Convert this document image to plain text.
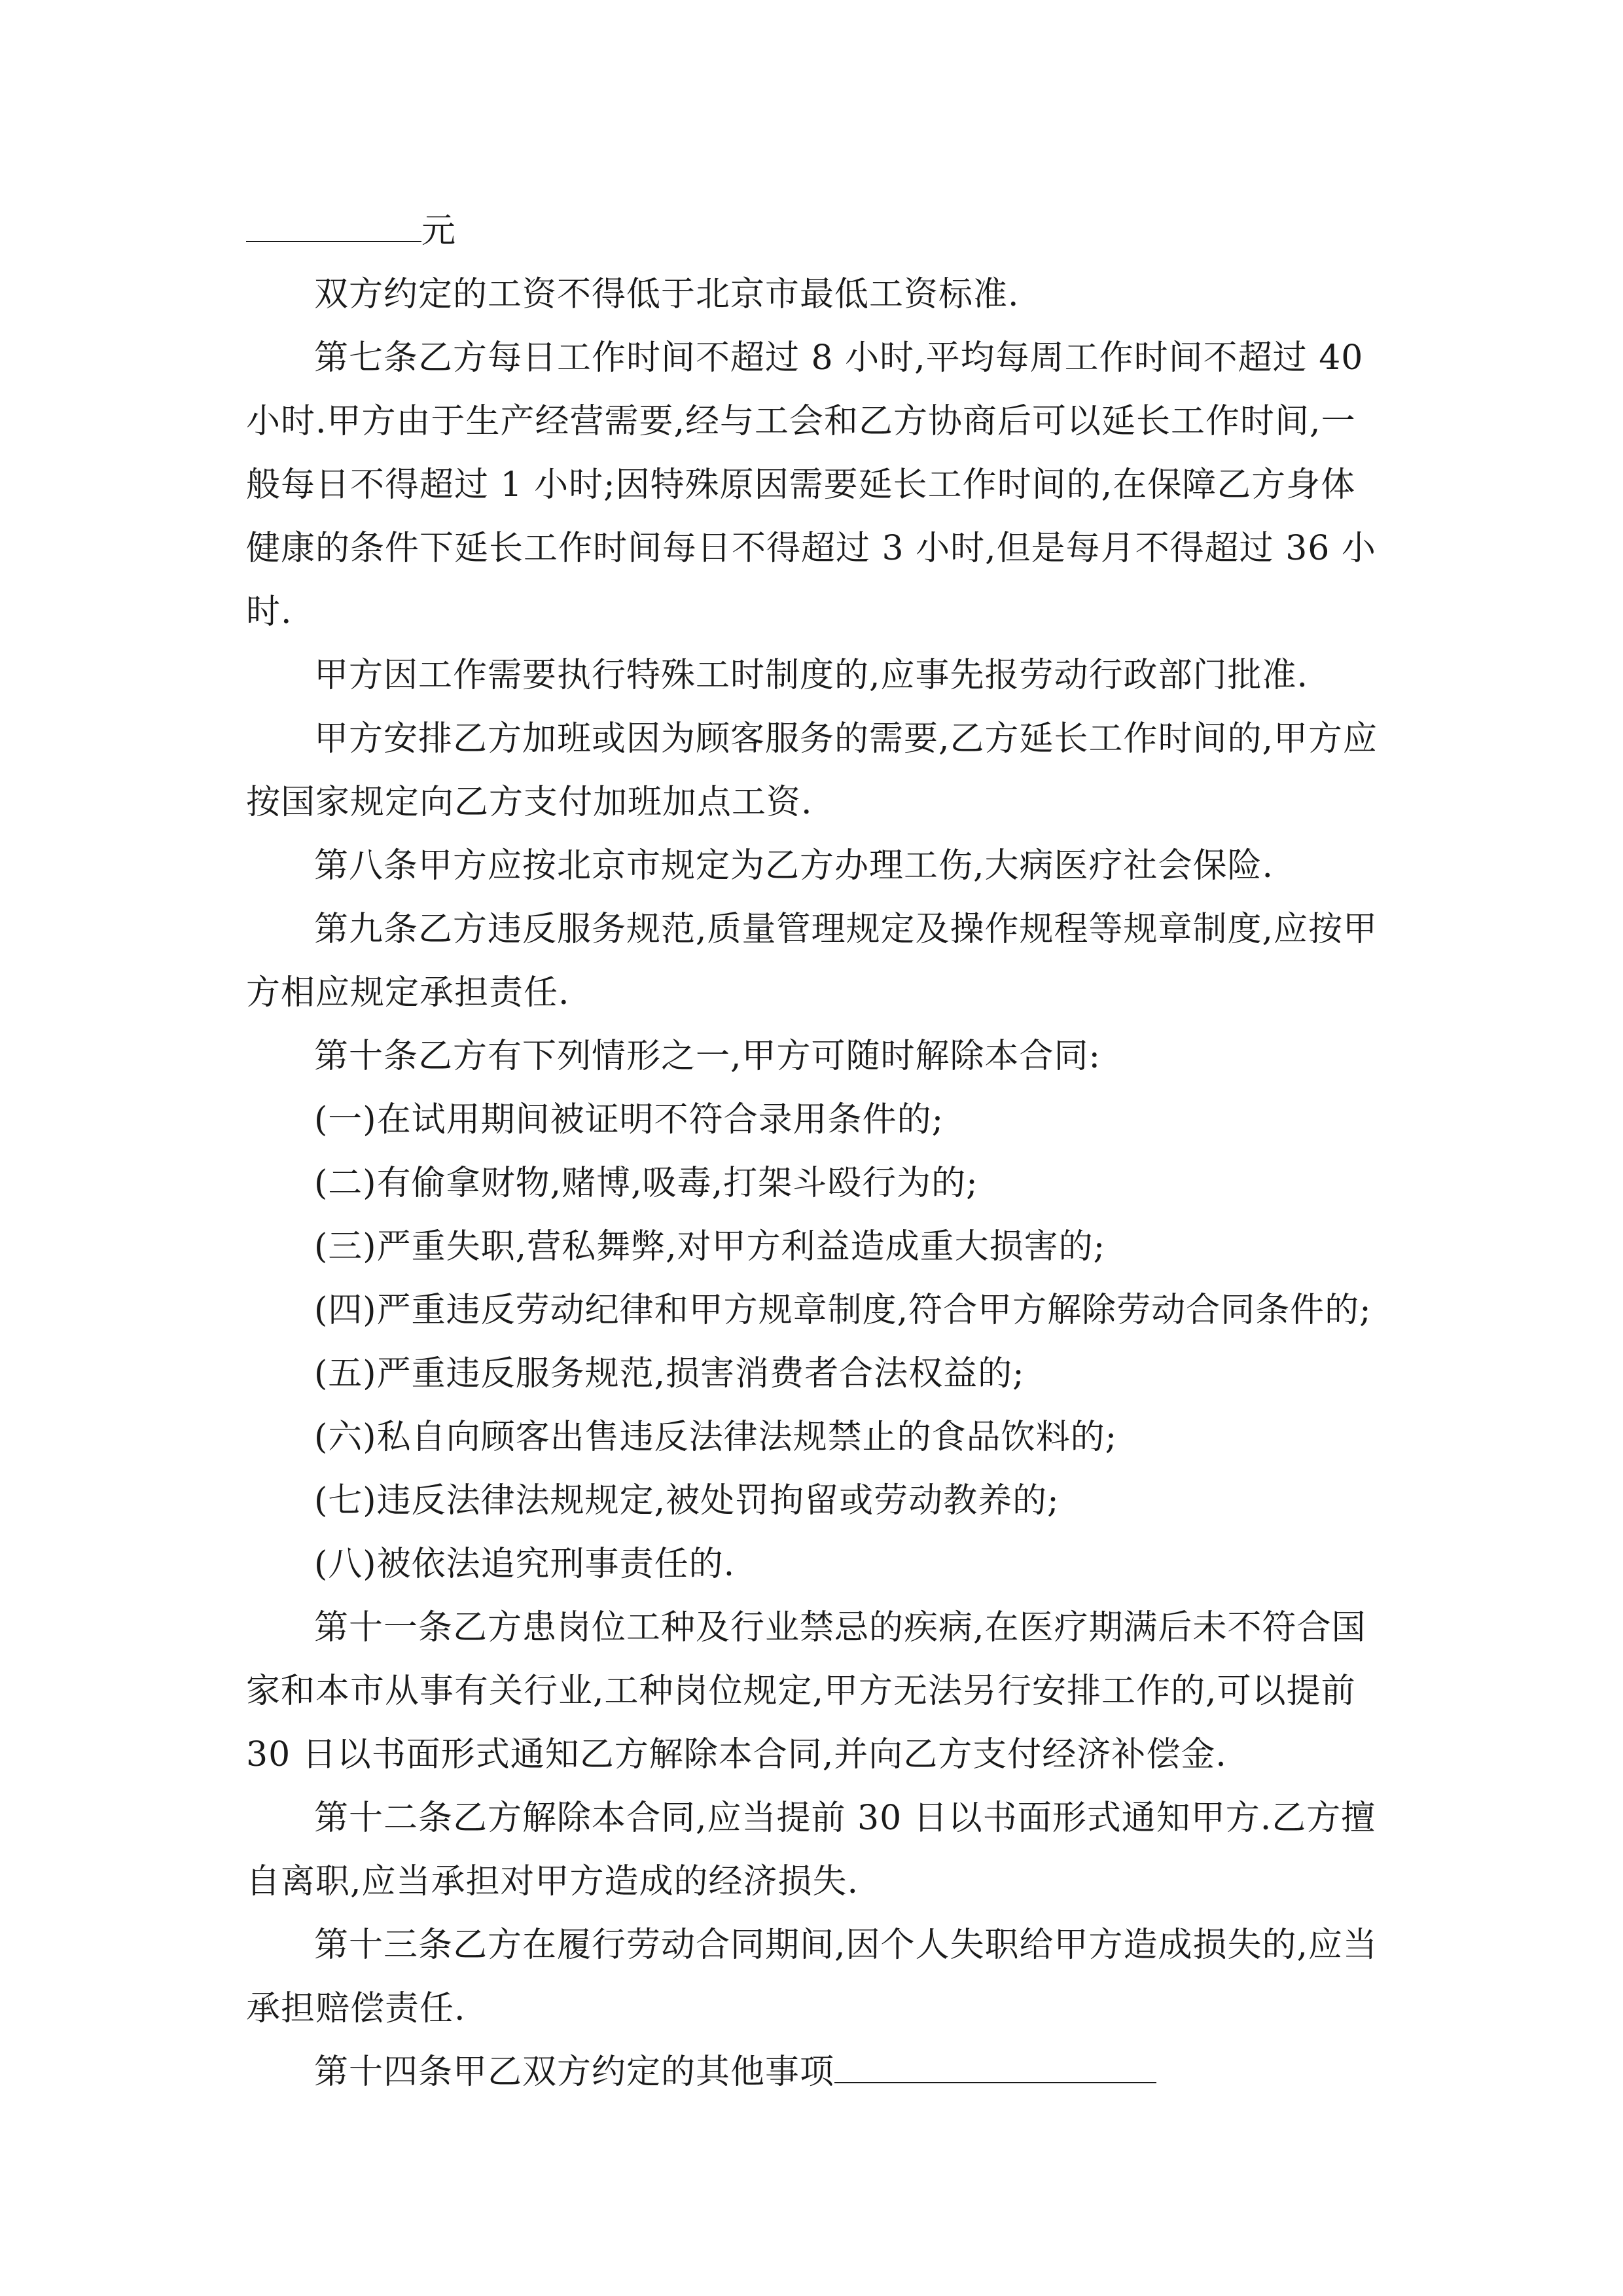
元

双方约定的工资不得低于北京市最低工资标准.

第七条乙方每日工作时间不超过 8 小时,平均每周工作时间不超过 40 小时.甲方由于生产经营需要,经与工会和乙方协商后可以延长工作时间,一般每日不得超过 1 小时;因特殊原因需要延长工作时间的,在保障乙方身体健康的条件下延长工作时间每日不得超过 3 小时,但是每月不得超过 36 小时.

甲方因工作需要执行特殊工时制度的,应事先报劳动行政部门批准.

甲方安排乙方加班或因为顾客服务的需要,乙方延长工作时间的,甲方应按国家规定向乙方支付加班加点工资.

第八条甲方应按北京市规定为乙方办理工伤,大病医疗社会保险.

第九条乙方违反服务规范,质量管理规定及操作规程等规章制度,应按甲方相应规定承担责任.

第十条乙方有下列情形之一,甲方可随时解除本合同:

(一)在试用期间被证明不符合录用条件的;

(二)有偷拿财物,赌博,吸毒,打架斗殴行为的;

(三)严重失职,营私舞弊,对甲方利益造成重大损害的;

(四)严重违反劳动纪律和甲方规章制度,符合甲方解除劳动合同条件的;

(五)严重违反服务规范,损害消费者合法权益的;

(六)私自向顾客出售违反法律法规禁止的食品饮料的;

(七)违反法律法规规定,被处罚拘留或劳动教养的;

(八)被依法追究刑事责任的.

第十一条乙方患岗位工种及行业禁忌的疾病,在医疗期满后未不符合国家和本市从事有关行业,工种岗位规定,甲方无法另行安排工作的,可以提前 30 日以书面形式通知乙方解除本合同,并向乙方支付经济补偿金.

第十二条乙方解除本合同,应当提前 30 日以书面形式通知甲方.乙方擅自离职,应当承担对甲方造成的经济损失.

第十三条乙方在履行劳动合同期间,因个人失职给甲方造成损失的,应当承担赔偿责任.

第十四条甲乙双方约定的其他事项
